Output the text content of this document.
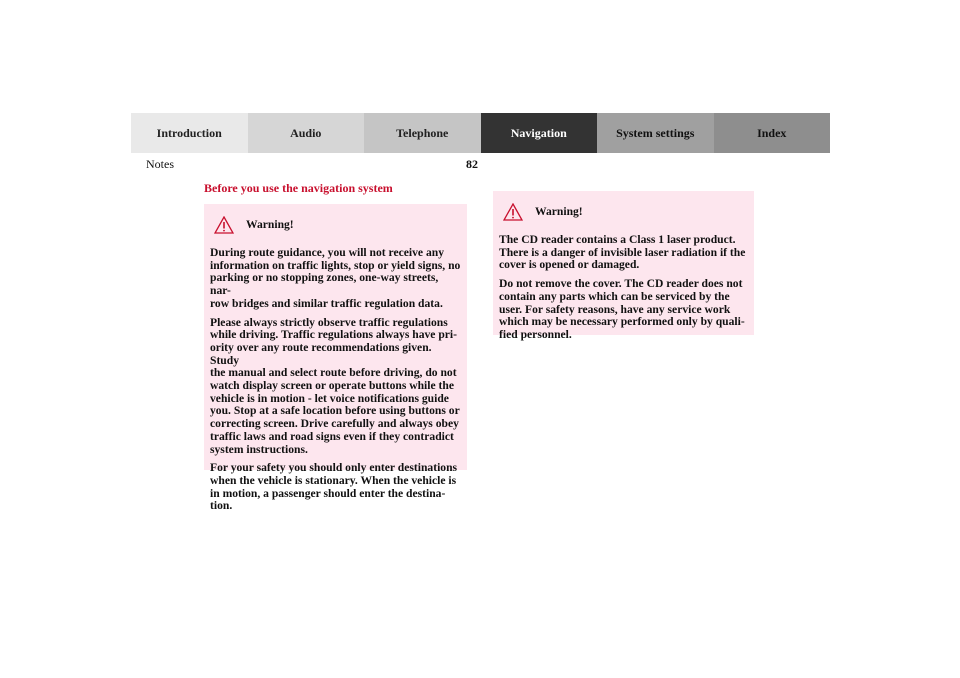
Introduction	Audio	Telephone	Navigation	System settings	Index
Notes	82
Before you use the navigation system
Warning!

During route guidance, you will not receive any
information on traffic lights, stop or yield signs, no
parking or no stopping zones, one-way streets, nar-
row bridges and similar traffic regulation data.

Please always strictly observe traffic regulations
while driving. Traffic regulations always have pri-
ority over any route recommendations given. Study
the manual and select route before driving, do not
watch display screen or operate buttons while the
vehicle is in motion - let voice notifications guide
you. Stop at a safe location before using buttons or
correcting screen. Drive carefully and always obey
traffic laws and road signs even if they contradict
system instructions.

For your safety you should only enter destinations
when the vehicle is stationary. When the vehicle is
in motion, a passenger should enter the destina-
tion.

Warning!

The CD reader contains a Class 1 laser product.
There is a danger of invisible laser radiation if the
cover is opened or damaged.

Do not remove the cover. The CD reader does not
contain any parts which can be serviced by the
user. For safety reasons, have any service work
which may be necessary performed only by quali-
fied personnel.
